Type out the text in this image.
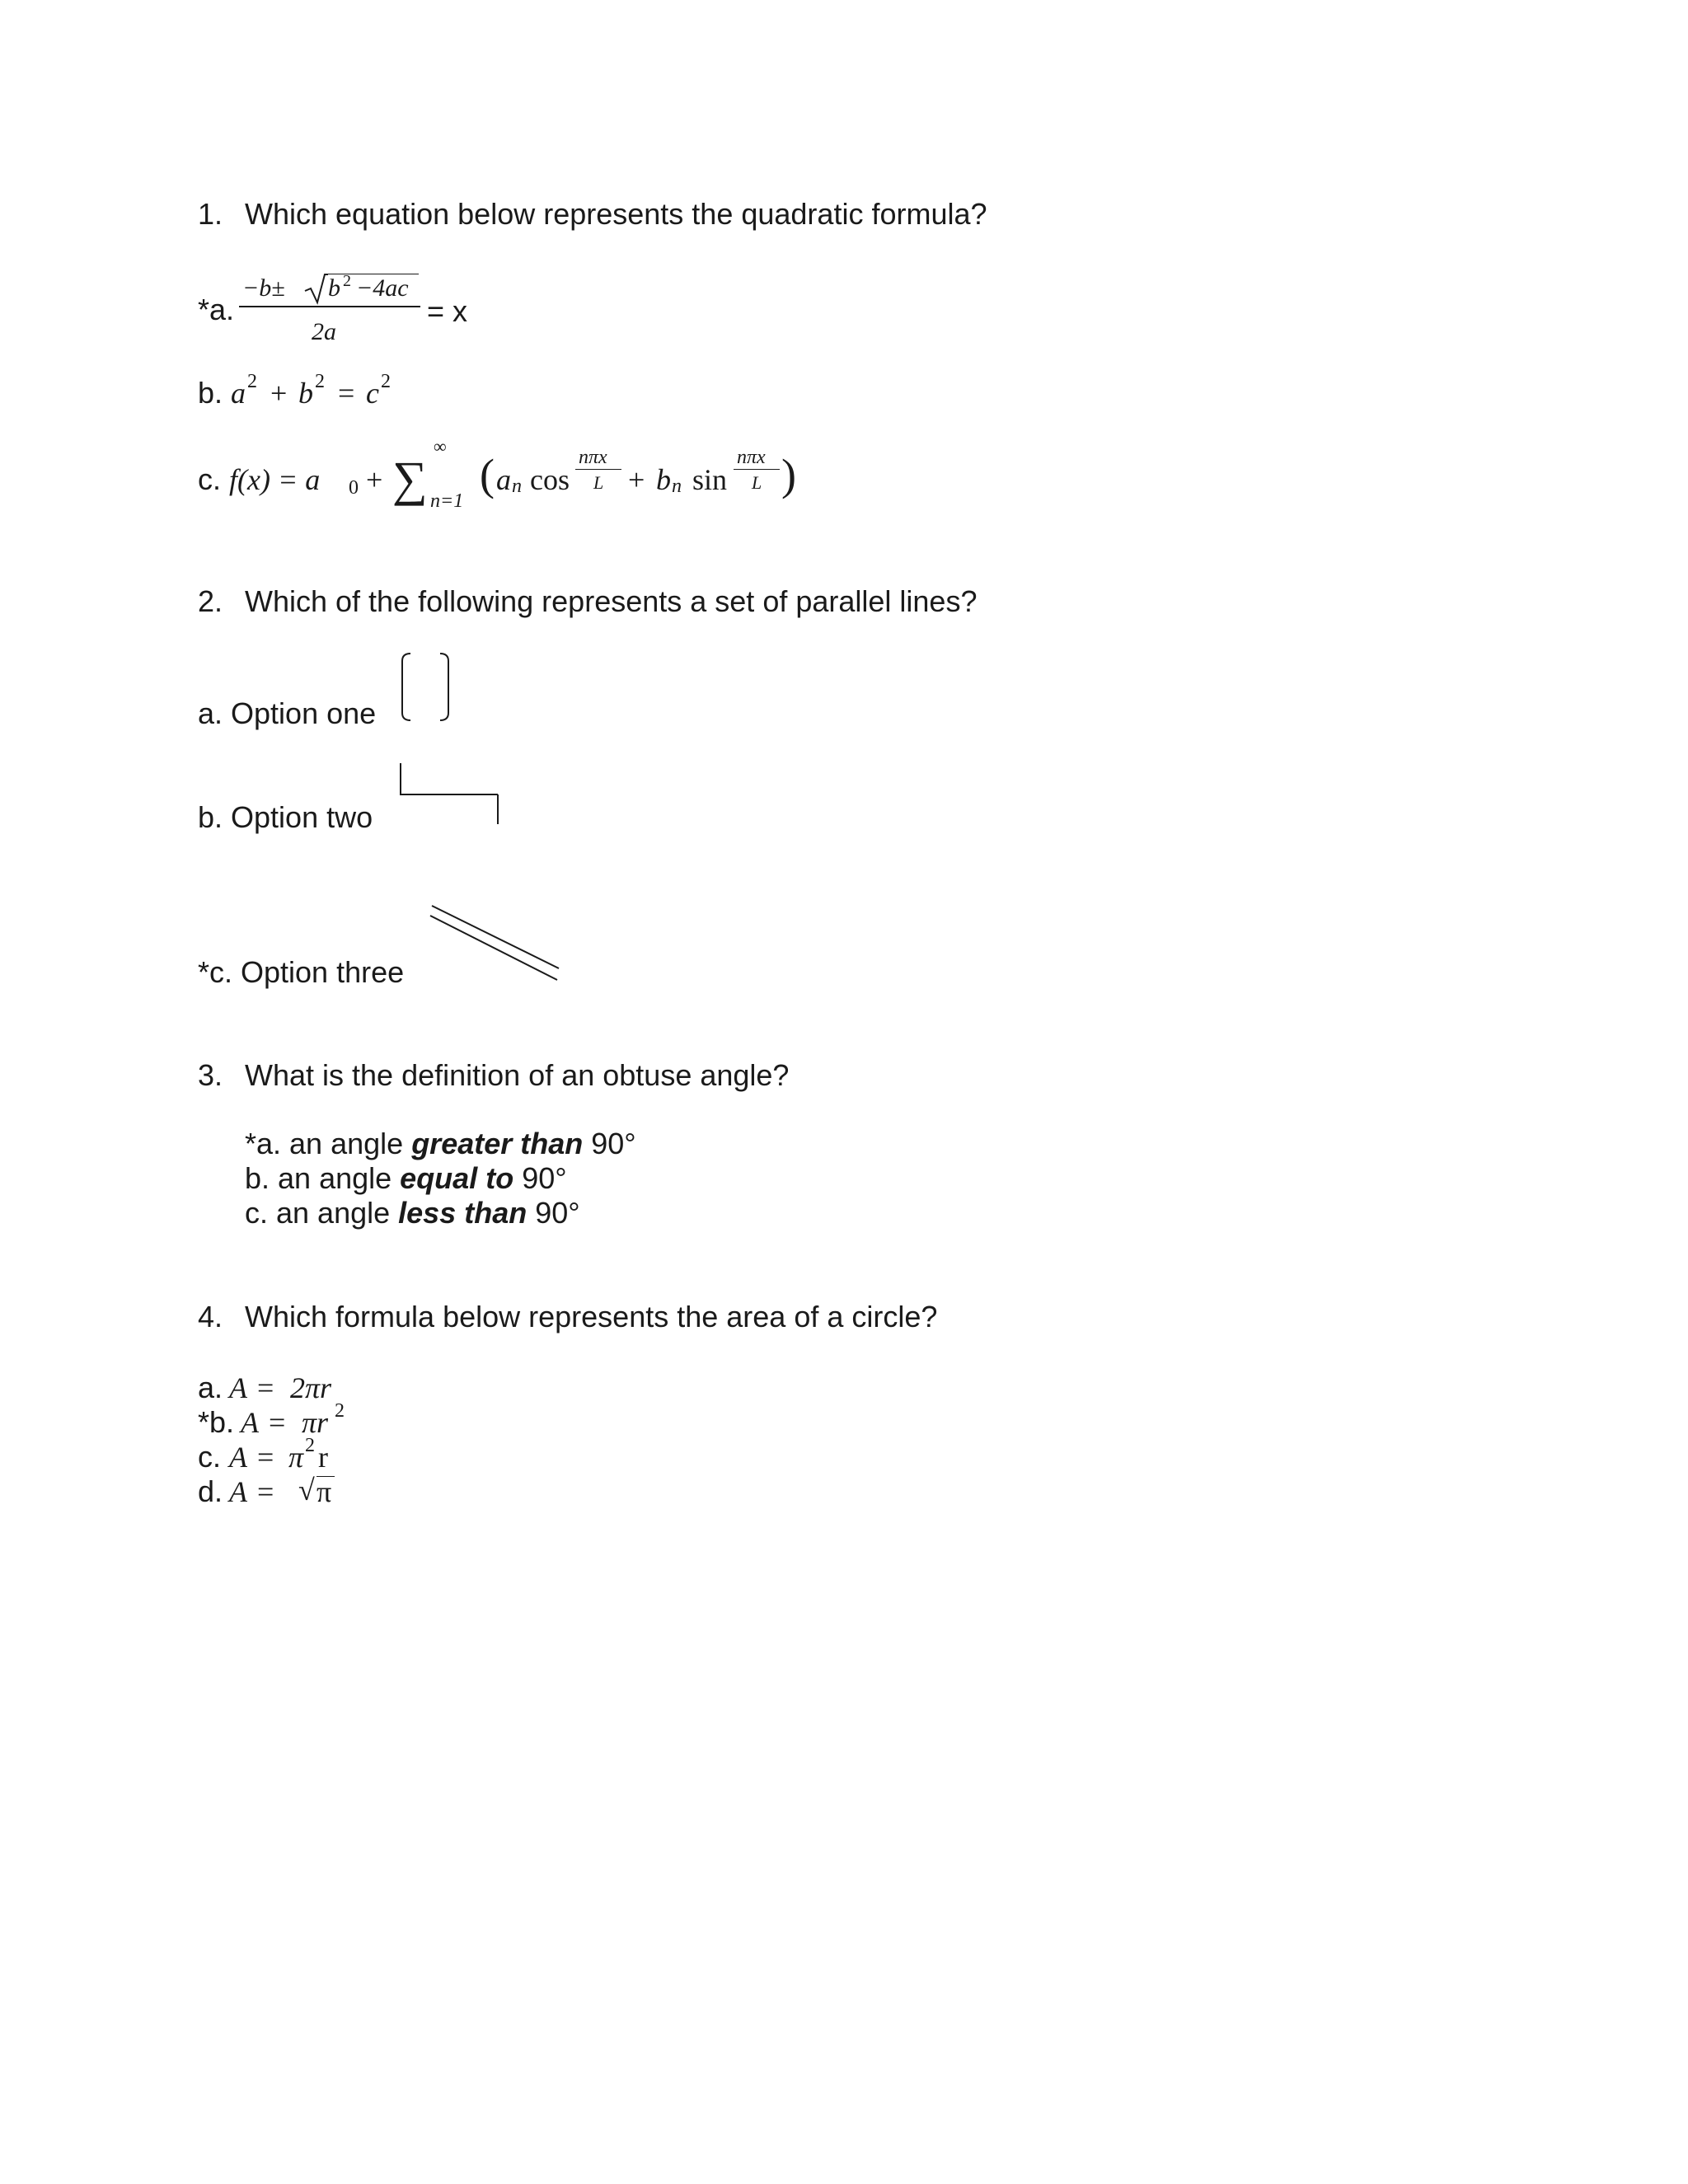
1. Which equation below represents the quadratic formula?
*a.
−b± b 2 −4ac
2a
= x
b. a 2 + b 2 = c 2
c. f(x) = a 0 + ∑
∞
n=1
( a n cos
nπx
L + b n sin
nπx
L )
2. Which of the following represents a set of parallel lines?
a. Option one
b. Option two
*c. Option three
3. What is the definition of an obtuse angle?
*a. an angle greater than 90°
b. an angle equal to 90°
c. an angle less than 90°
4. Which formula below represents the area of a circle?
a. A = 2πr
*b. A = πr 2
c. A = π 2 r
d. A = √ π
